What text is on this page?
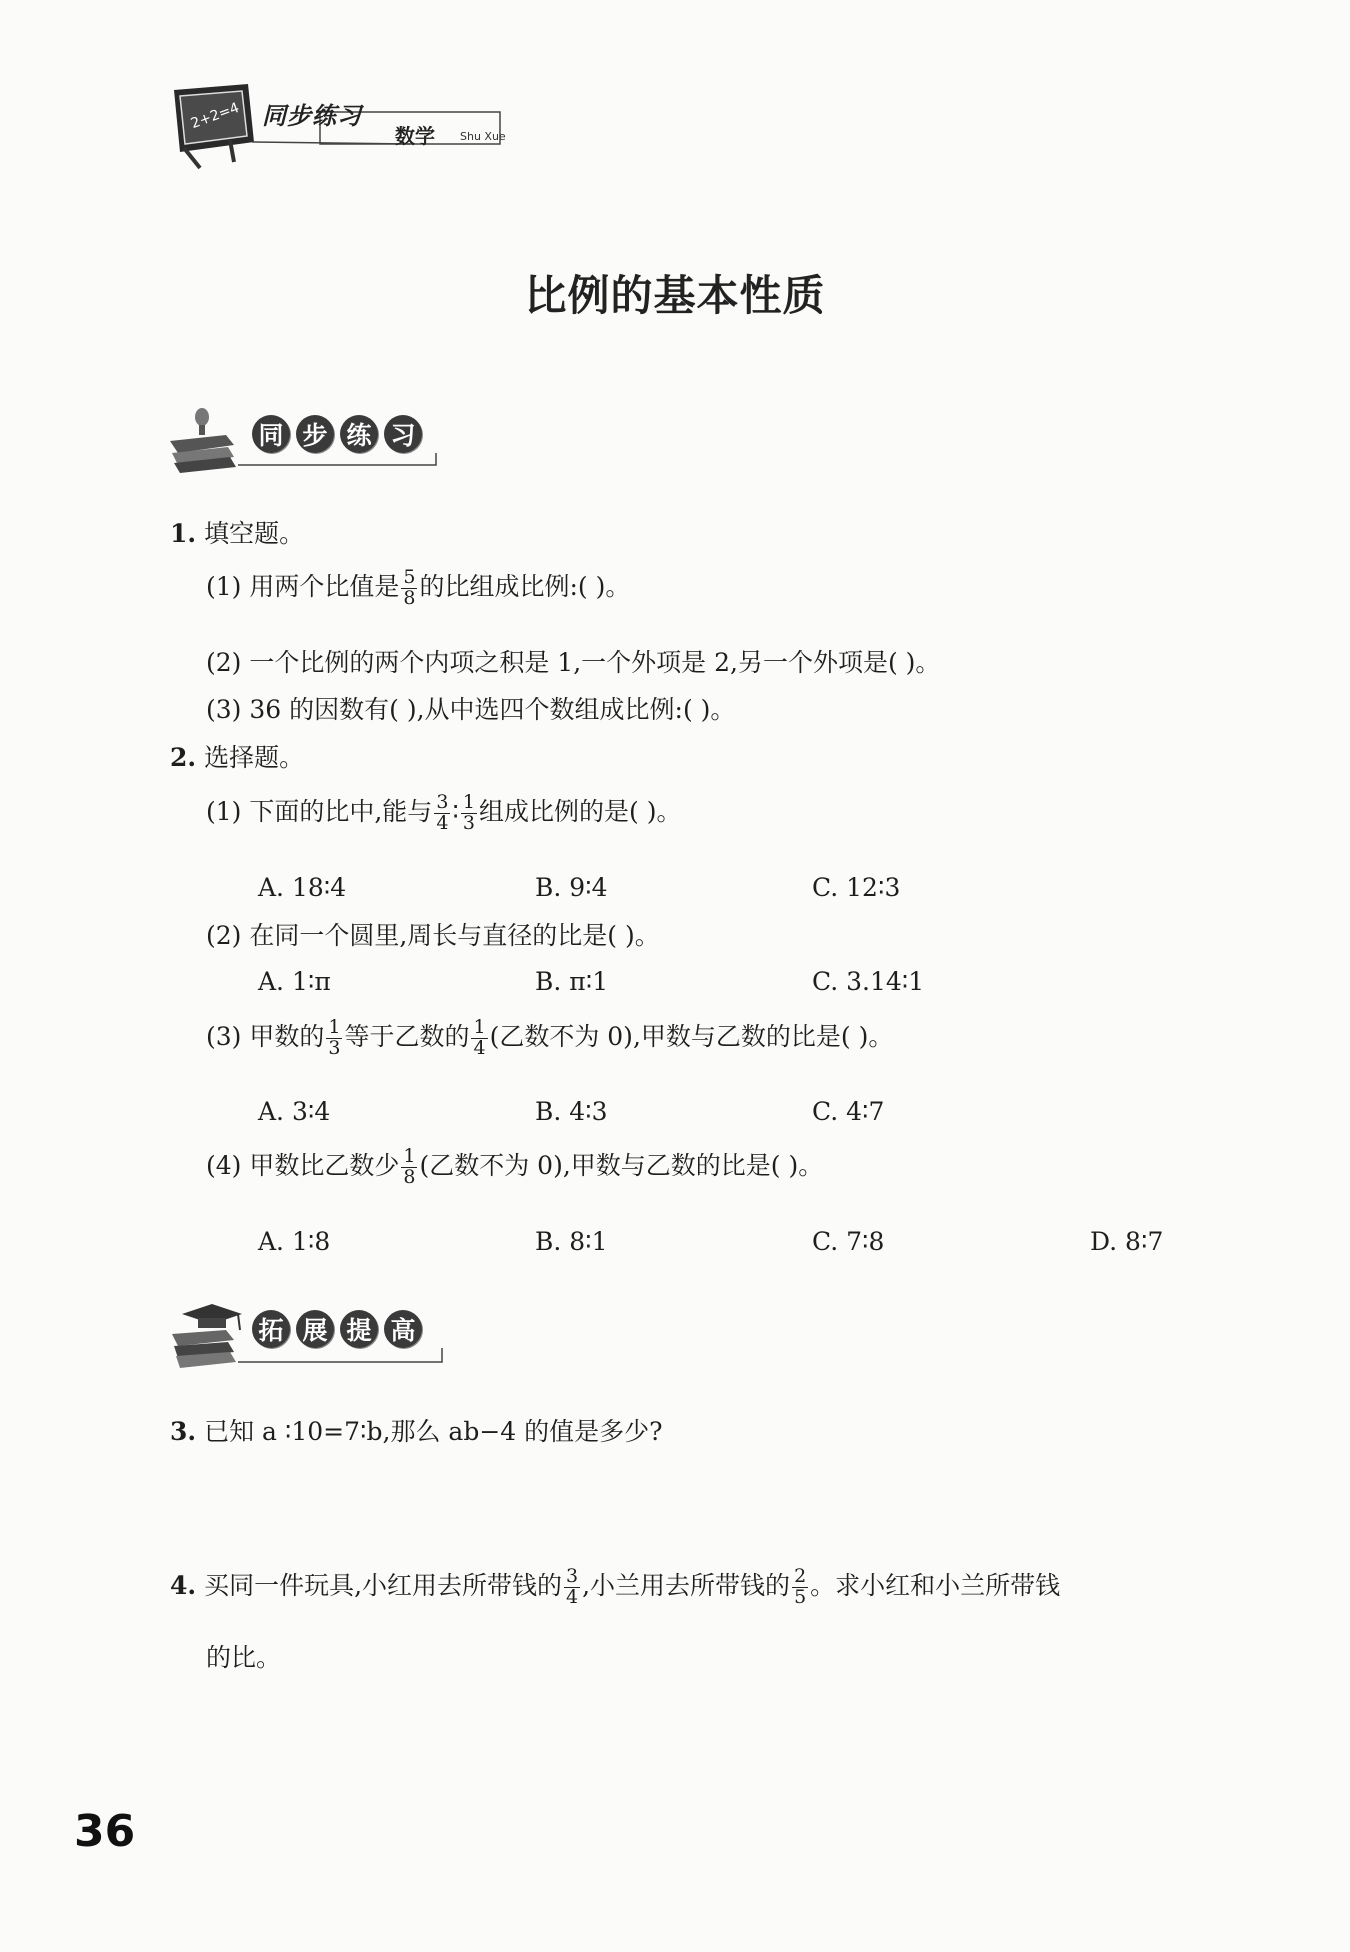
2+2=4 同步练习
数学 Shu Xue
比例的基本性质
同 步 练 习
1. 填空题。
(1) 用两个比值是 $\frac{5}{8}$ 的比组成比例:( )。
(2) 一个比例的两个内项之积是 1,一个外项是 2,另一个外项是( )。
(3) 36 的因数有( ),从中选四个数组成比例:( )。
2. 选择题。
(1) 下面的比中,能与 $\frac{3}{4}$ ∶ $\frac{1}{3}$ 组成比例的是( )。
A. 18∶4	B. 9∶4	C. 12∶3
(2) 在同一个圆里,周长与直径的比是( )。
A. 1∶π	B. π∶1	C. 3.14∶1
(3) 甲数的 $\frac{1}{3}$ 等于乙数的 $\frac{1}{4}$ (乙数不为 0),甲数与乙数的比是( )。
A. 3∶4	B. 4∶3	C. 4∶7
(4) 甲数比乙数少 $\frac{1}{8}$ (乙数不为 0),甲数与乙数的比是( )。
A. 1∶8	B. 8∶1	C. 7∶8	D. 8∶7
拓 展 提 高
3. 已知 a ∶10=7∶b,那么 ab−4 的值是多少?
4. 买同一件玩具,小红用去所带钱的 $\frac{3}{4}$ ,小兰用去所带钱的 $\frac{2}{5}$ 。求小红和小兰所带钱
的比。
36
